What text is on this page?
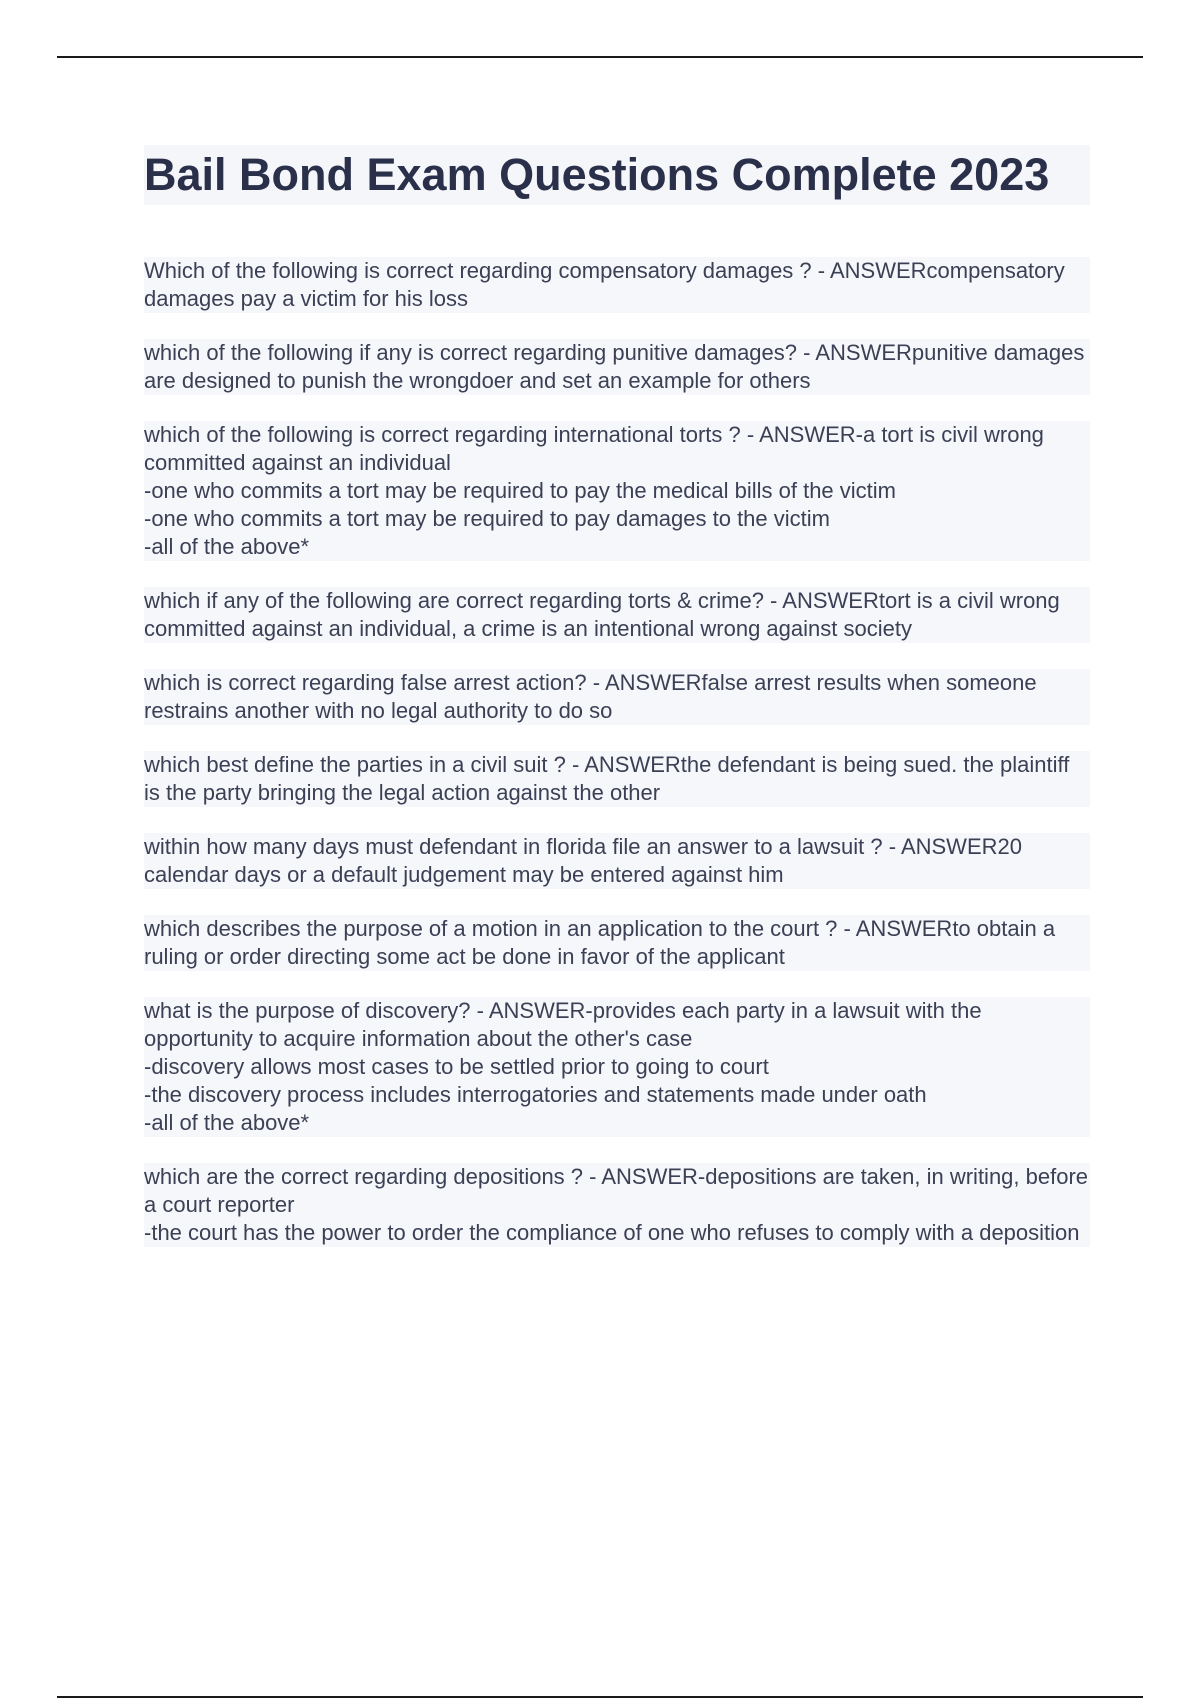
Bail Bond Exam Questions Complete 2023

Which of the following is correct regarding compensatory damages ? - ANSWERcompensatory damages pay a victim for his loss

which of the following if any is correct regarding punitive damages? - ANSWERpunitive damages are designed to punish the wrongdoer and set an example for others

which of the following is correct regarding international torts ? - ANSWER-a tort is civil wrong committed against an individual
-one who commits a tort may be required to pay the medical bills of the victim
-one who commits a tort may be required to pay damages to the victim
-all of the above*

which if any of the following are correct regarding torts & crime? - ANSWERtort is a civil wrong committed against an individual, a crime is an intentional wrong against society

which is correct regarding false arrest action? - ANSWERfalse arrest results when someone restrains another with no legal authority to do so

which best define the parties in a civil suit ? - ANSWERthe defendant is being sued. the plaintiff is the party bringing the legal action against the other

within how many days must defendant in florida file an answer to a lawsuit ? - ANSWER20 calendar days or a default judgement may be entered against him

which describes the purpose of a motion in an application to the court ? - ANSWERto obtain a ruling or order directing some act be done in favor of the applicant

what is the purpose of discovery? - ANSWER-provides each party in a lawsuit with the opportunity to acquire information about the other's case
-discovery allows most cases to be settled prior to going to court
-the discovery process includes interrogatories and statements made under oath
-all of the above*

which are the correct regarding depositions ? - ANSWER-depositions are taken, in writing, before a court reporter
-the court has the power to order the compliance of one who refuses to comply with a deposition
